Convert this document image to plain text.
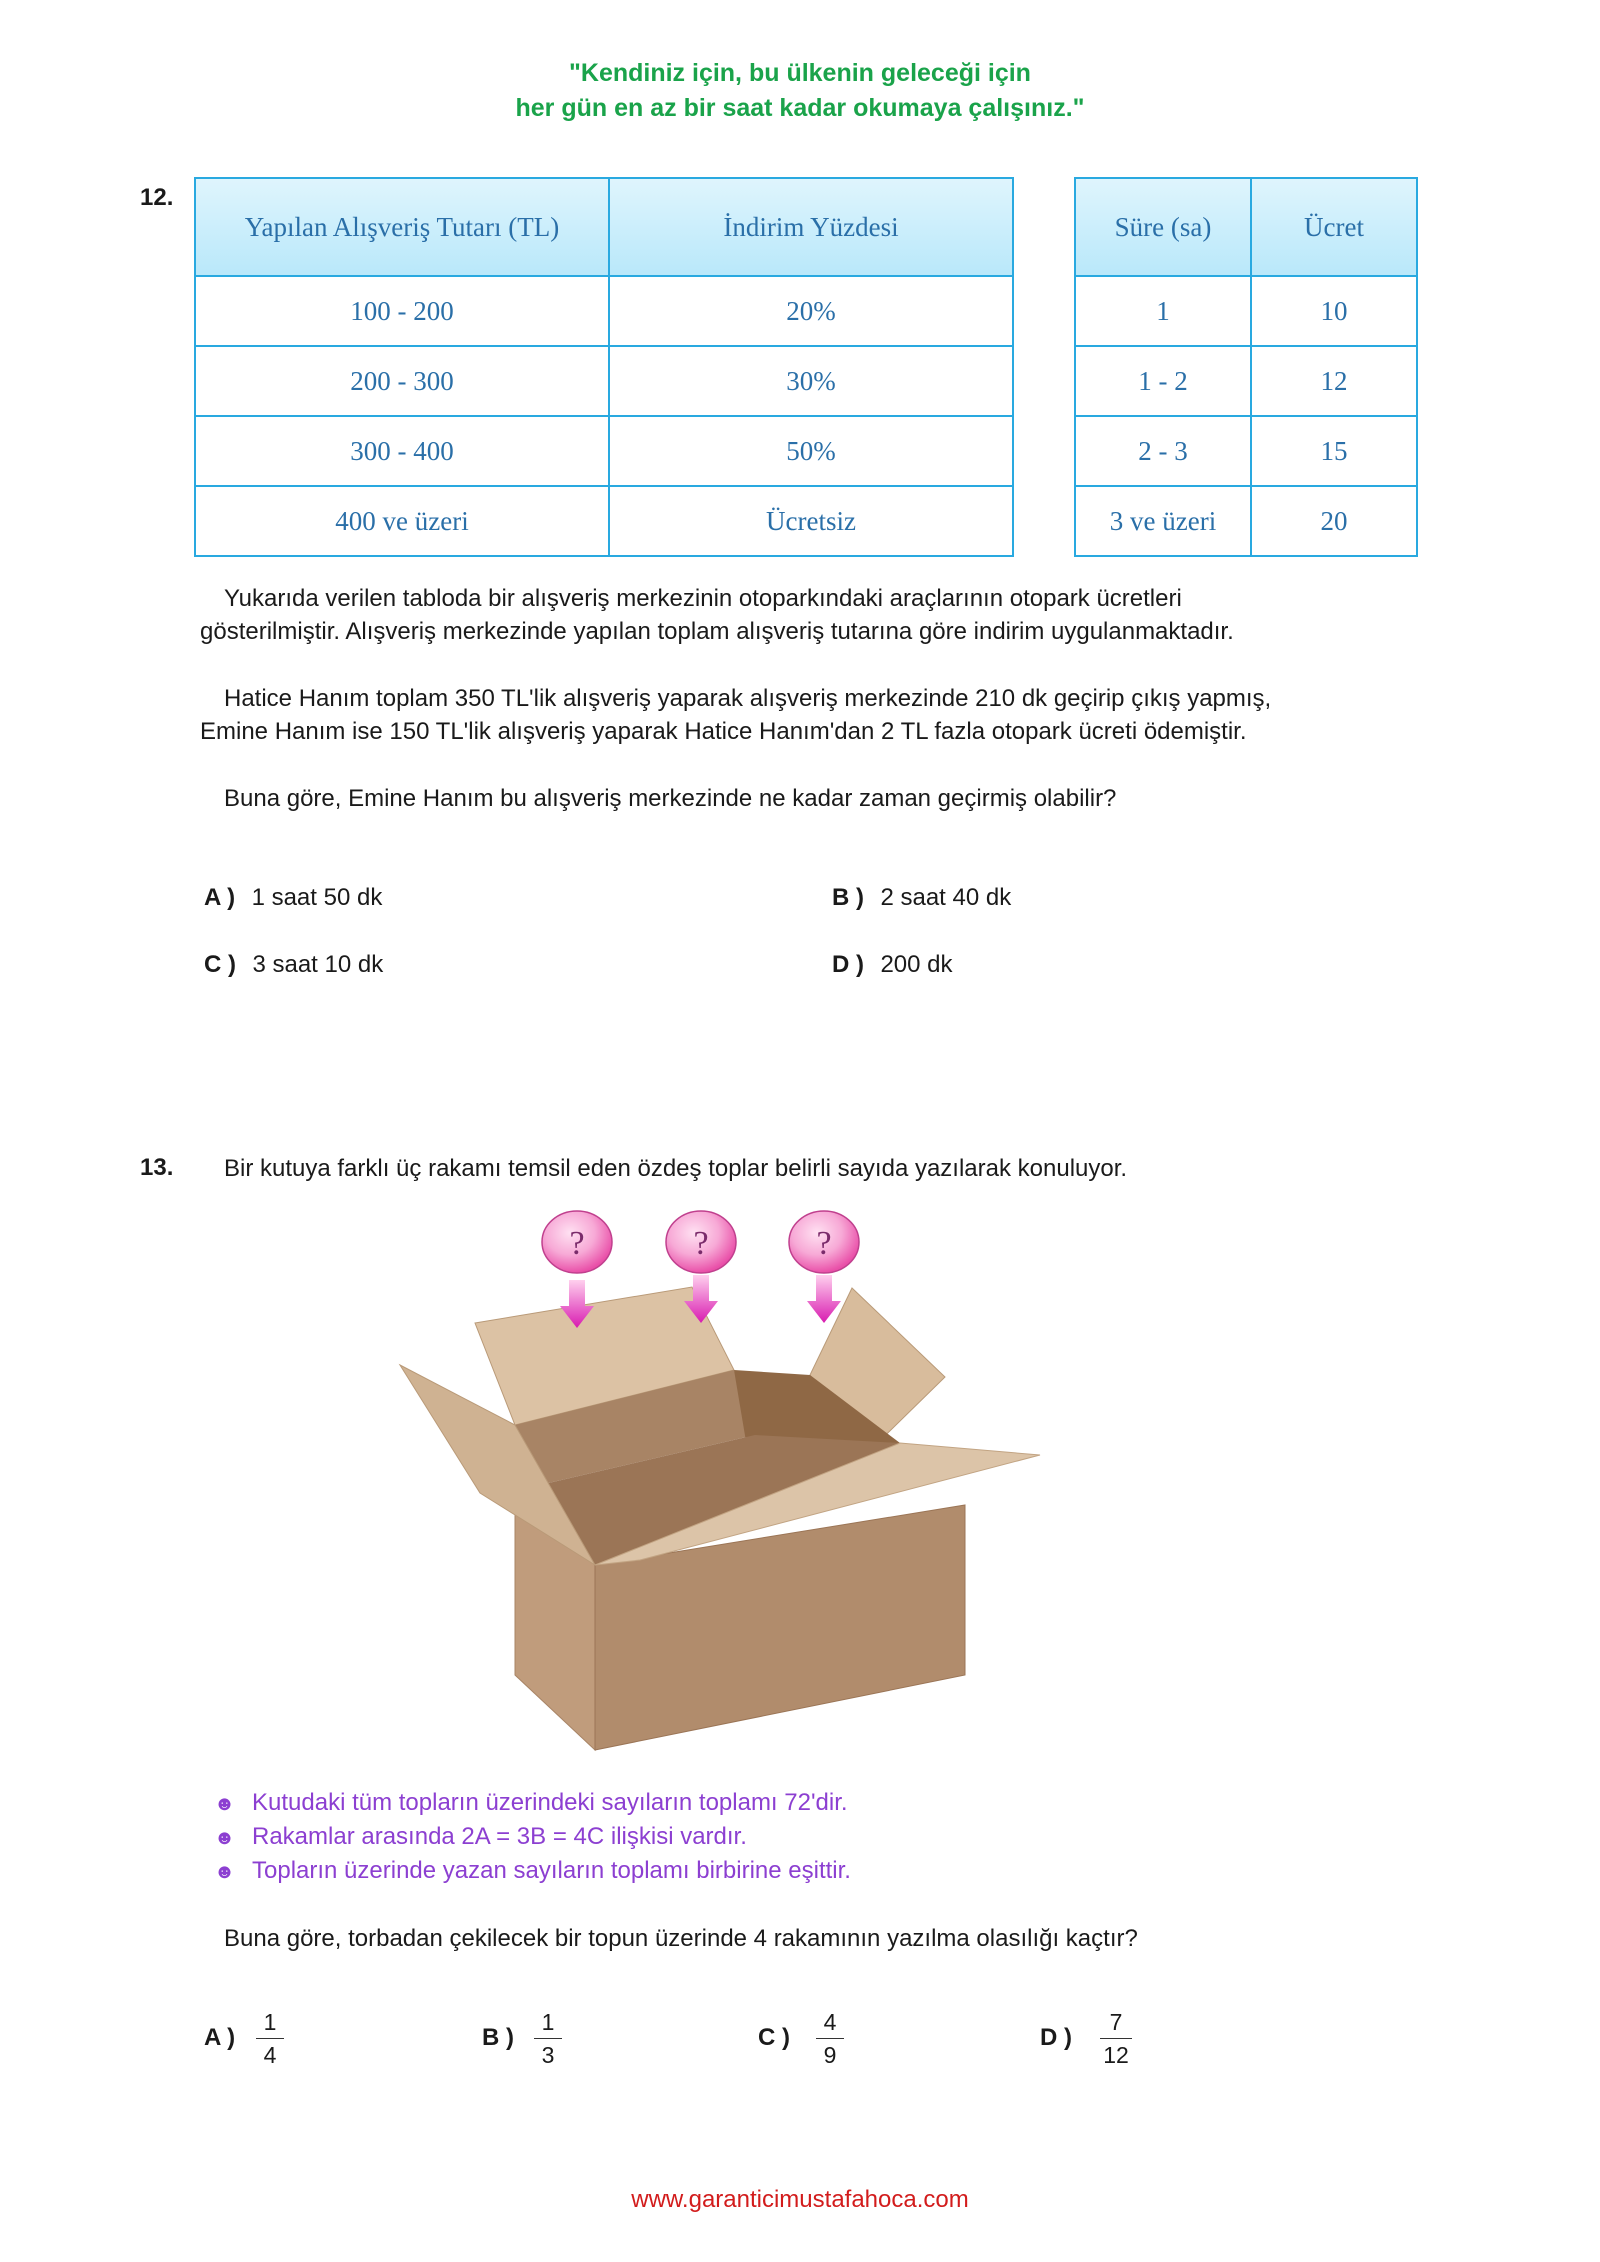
"Kendiniz için, bu ülkenin geleceği için
her gün en az bir saat kadar okumaya çalışınız."
12.
Yapılan Alışveriş Tutarı (TL)	İndirim Yüzdesi
100 - 200	20%
200 - 300	30%
300 - 400	50%
400 ve üzeri	Ücretsiz
Süre (sa)	Ücret
1	10
1 - 2	12
2 - 3	15
3 ve üzeri	20
Yukarıda verilen tabloda bir alışveriş merkezinin otoparkındaki araçlarının otopark ücretleri
gösterilmiştir. Alışveriş merkezinde yapılan toplam alışveriş tutarına göre indirim uygulanmaktadır.
Hatice Hanım toplam 350 TL'lik alışveriş yaparak alışveriş merkezinde 210 dk geçirip çıkış yapmış,
Emine Hanım ise 150 TL'lik alışveriş yaparak Hatice Hanım'dan 2 TL fazla otopark ücreti ödemiştir.
Buna göre, Emine Hanım bu alışveriş merkezinde ne kadar zaman geçirmiş olabilir?
A ) 1 saat 50 dk	B ) 2 saat 40 dk
C ) 3 saat 10 dk	D ) 200 dk
13. Bir kutuya farklı üç rakamı temsil eden özdeş toplar belirli sayıda yazılarak konuluyor.
?	?	?
☻ Kutudaki tüm topların üzerindeki sayıların toplamı 72'dir.
☻ Rakamlar arasında 2A = 3B = 4C ilişkisi vardır.
☻ Topların üzerinde yazan sayıların toplamı birbirine eşittir.
Buna göre, torbadan çekilecek bir topun üzerinde 4 rakamının yazılma olasılığı kaçtır?
A )
1
4
B )
1
3
C )
4
9
D )
7
12
www.garanticimustafahoca.com
